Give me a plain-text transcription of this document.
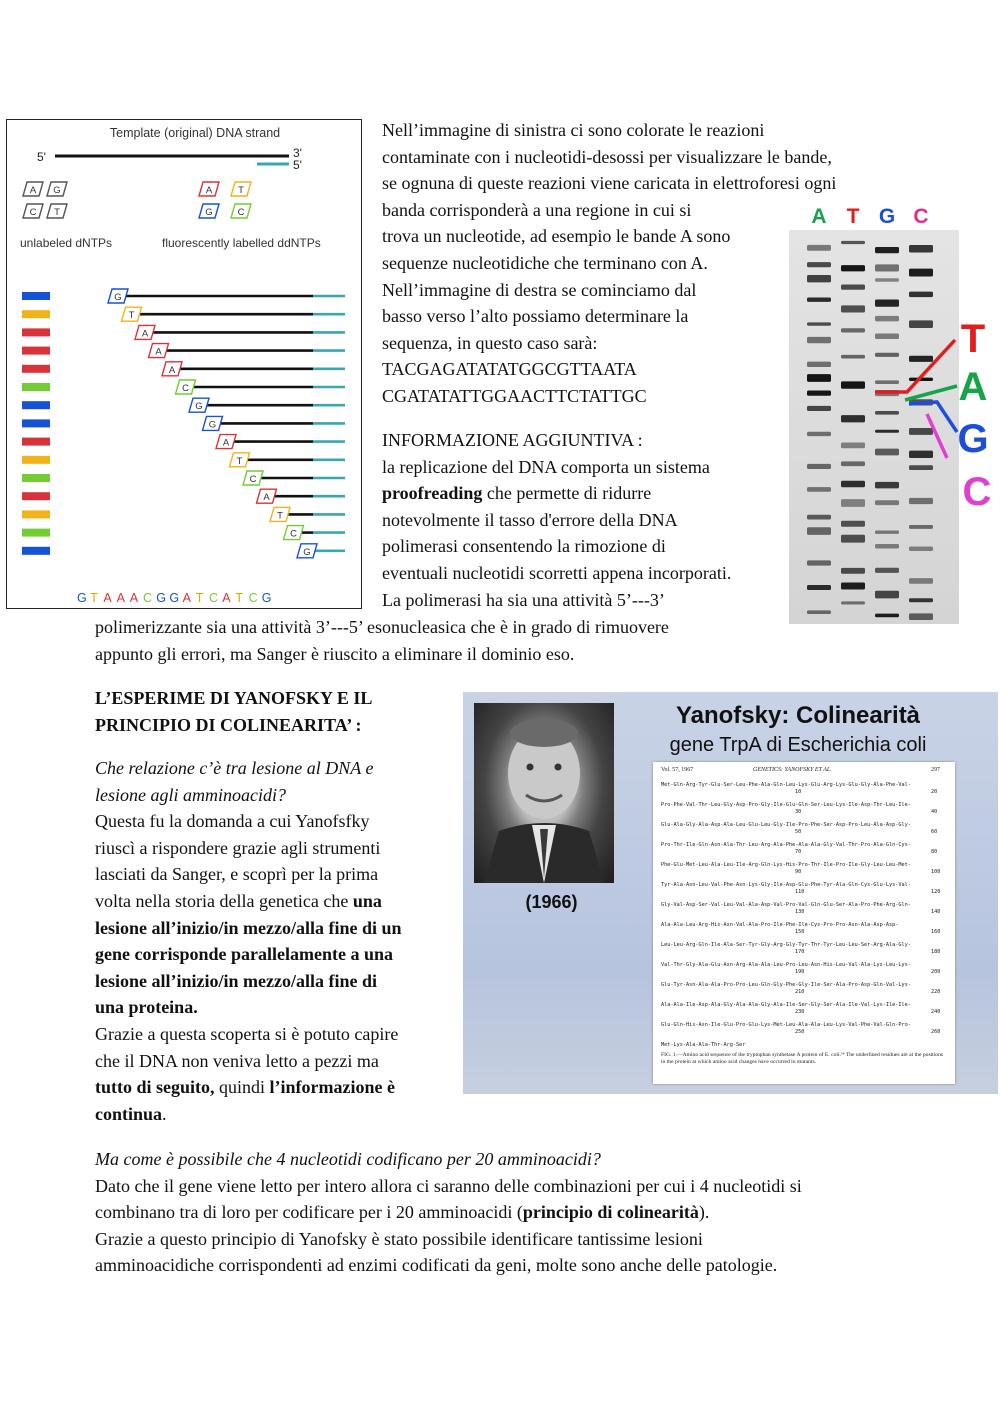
Template (original) DNA strand
5'	3'
5'
A G
C T
A	T
G	C
unlabeled dNTPs	fluorescently labelled ddNTPs
G
T
A
A
A
C
G
G
A
T
C
A
T
C
G
G T A A A C G G A T C A T C G
Nell’immagine di sinistra ci sono colorate le reazioni
contaminate con i nucleotidi-desossi per visualizzare le bande,
se ognuna di queste reazioni viene caricata in elettroforesi ogni
banda corrisponderà a una regione in cui si
trova un nucleotide, ad esempio le bande A sono
sequenze nucleotidiche che terminano con A.
Nell’immagine di destra se cominciamo dal
basso verso l’alto possiamo determinare la
sequenza, in questo caso sarà:
TACGAGATATATGGCGTTAATA
CGATATATTGGAACTTCTATTGC
INFORMAZIONE AGGIUNTIVA :
la replicazione del DNA comporta un sistema
proofreading che permette di ridurre
notevolmente il tasso d'errore della DNA
polimerasi consentendo la rimozione di
eventuali nucleotidi scorretti appena incorporati.
La polimerasi ha sia una attività 5’---3’
polimerizzante sia una attività 3’---5’ esonucleasica che è in grado di rimuovere
appunto gli errori, ma Sanger è riuscito a eliminare il dominio eso.
A T G C
T
A
G
C
L’ESPERIME DI YANOFSKY E IL
PRINCIPIO DI COLINEARITA’ :
Che relazione c’è tra lesione al DNA e
lesione agli amminoacidi?
Questa fu la domanda a cui Yanofsfky
riuscì a rispondere grazie agli strumenti
lasciati da Sanger, e scoprì per la prima
volta nella storia della genetica che una
lesione all’inizio/in mezzo/alla fine di un
gene corrisponde parallelamente a una
lesione all’inizio/in mezzo/alla fine di
una proteina.
Grazie a questa scoperta si è potuto capire
che il DNA non veniva letto a pezzi ma
tutto di seguito, quindi l’informazione è
continua.
(1966)
Yanofsky: Colinearità
gene TrpA di Escherichia coli
Vol. 57, 1967	GENETICS: YANOFSKY ET AL.	297
Met-Gln-Arg-Tyr-Glu-Ser-Leu-Phe-Ala-Gln-Leu-Lys-Glu-Arg-Lys-Glu-Gly-Ala-Phe-Val-
10	20
Pro-Phe-Val-Thr-Leu-Gly-Asp-Pro-Gly-Ile-Glu-Gln-Ser-Leu-Lys-Ile-Asp-Thr-Leu-Ile-
30	40
Glu-Ala-Gly-Ala-Asp-Ala-Leu-Glu-Leu-Gly-Ile-Pro-Phe-Ser-Asp-Pro-Leu-Ala-Asp-Gly-
50	60
Pro-Thr-Ile-Gln-Asn-Ala-Thr-Leu-Arg-Ala-Phe-Ala-Ala-Gly-Val-Thr-Pro-Ala-Gln-Cys-
70	80
Phe-Glu-Met-Leu-Ala-Leu-Ile-Arg-Gln-Lys-His-Pro-Thr-Ile-Pro-Ile-Gly-Leu-Leu-Met-
90	100
Tyr-Ala-Asn-Leu-Val-Phe-Asn-Lys-Gly-Ile-Asp-Glu-Phe-Tyr-Ala-Gln-Cys-Glu-Lys-Val-
110	120
Gly-Val-Asp-Ser-Val-Leu-Val-Ala-Asp-Val-Pro-Val-Gln-Glu-Ser-Ala-Pro-Phe-Arg-Gln-
130	140
Ala-Ala-Leu-Arg-His-Asn-Val-Ala-Pro-Ile-Phe-Ile-Cys-Pro-Pro-Asn-Ala-Asp-Asp-
150	160
Leu-Leu-Arg-Gln-Ile-Ala-Ser-Tyr-Gly-Arg-Gly-Tyr-Thr-Tyr-Leu-Leu-Ser-Arg-Ala-Gly-
170	180
Val-Thr-Gly-Ala-Glu-Asn-Arg-Ala-Ala-Leu-Pro-Leu-Asn-His-Leu-Val-Ala-Lys-Leu-Lys-
190	200
Glu-Tyr-Asn-Ala-Ala-Pro-Pro-Leu-Gln-Gly-Phe-Gly-Ile-Ser-Ala-Pro-Asp-Gln-Val-Lys-
210	220
Ala-Ala-Ile-Asp-Ala-Gly-Ala-Ala-Gly-Ala-Ile-Ser-Gly-Ser-Ala-Ile-Val-Lys-Ile-Ile-
230	240
Glu-Gln-His-Asn-Ile-Glu-Pro-Glu-Lys-Met-Leu-Ala-Ala-Leu-Lys-Val-Phe-Val-Gln-Pro-
250	260
Met-Lys-Ala-Ala-Thr-Arg-Ser
FIG. 1.—Amino acid sequence of the tryptophan synthetase A protein of E. coli.²⁴ The underlined residues are at the positions in the protein at which amino acid changes have occurred in mutants.
Ma come è possibile che 4 nucleotidi codificano per 20 amminoacidi?
Dato che il gene viene letto per intero allora ci saranno delle combinazioni per cui i 4 nucleotidi si
combinano tra di loro per codificare per i 20 amminoacidi (principio di colinearità).
Grazie a questo principio di Yanofsky è stato possibile identificare tantissime lesioni
amminoacidiche corrispondenti ad enzimi codificati da geni, molte sono anche delle patologie.
